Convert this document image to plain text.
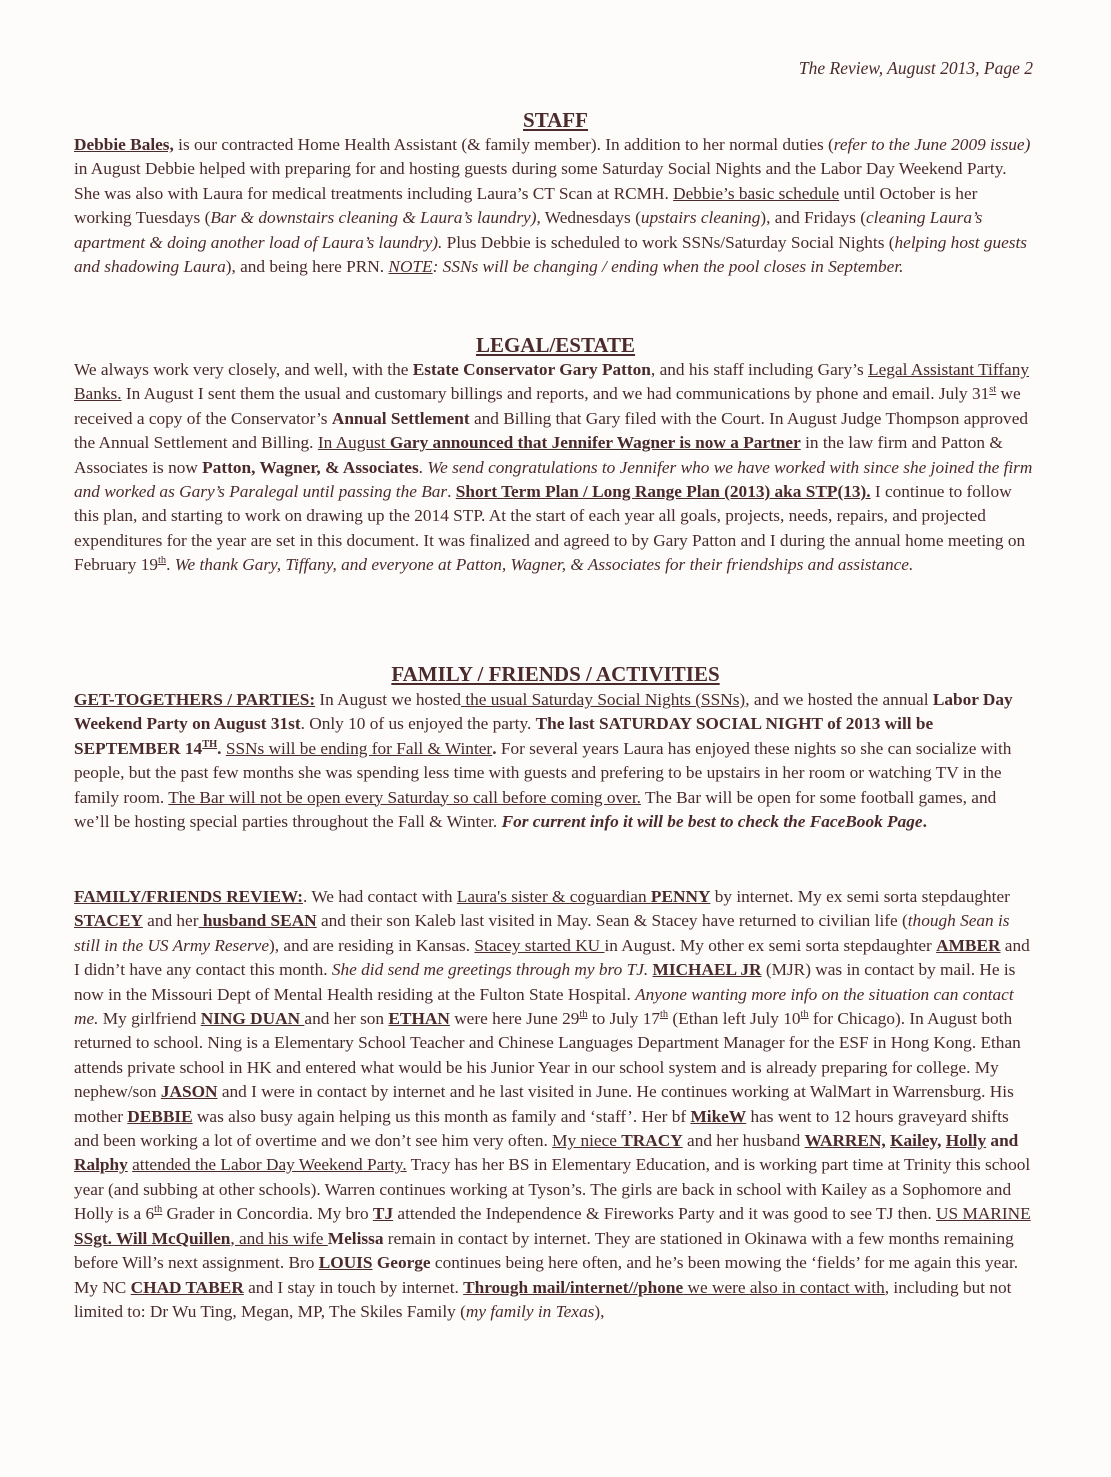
The Review, August 2013, Page 2
STAFF

Debbie Bales, is our contracted Home Health Assistant (& family member). In addition to her normal duties (refer to the June 2009 issue) in August Debbie helped with preparing for and hosting guests during some Saturday Social Nights and the Labor Day Weekend Party. She was also with Laura for medical treatments including Laura’s CT Scan at RCMH. Debbie’s basic schedule until October is her working Tuesdays (Bar & downstairs cleaning & Laura’s laundry), Wednesdays (upstairs cleaning), and Fridays (cleaning Laura’s apartment & doing another load of Laura’s laundry). Plus Debbie is scheduled to work SSNs/Saturday Social Nights (helping host guests and shadowing Laura), and being here PRN. NOTE: SSNs will be changing / ending when the pool closes in September.

LEGAL/ESTATE

We always work very closely, and well, with the Estate Conservator Gary Patton, and his staff including Gary’s Legal Assistant Tiffany Banks. In August I sent them the usual and customary billings and reports, and we had communications by phone and email. July 31st we received a copy of the Conservator’s Annual Settlement and Billing that Gary filed with the Court. In August Judge Thompson approved the Annual Settlement and Billing. In August Gary announced that Jennifer Wagner is now a Partner in the law firm and Patton & Associates is now Patton, Wagner, & Associates. We send congratulations to Jennifer who we have worked with since she joined the firm and worked as Gary’s Paralegal until passing the Bar. Short Term Plan / Long Range Plan (2013) aka STP(13). I continue to follow this plan, and starting to work on drawing up the 2014 STP. At the start of each year all goals, projects, needs, repairs, and projected expenditures for the year are set in this document. It was finalized and agreed to by Gary Patton and I during the annual home meeting on February 19th. We thank Gary, Tiffany, and everyone at Patton, Wagner, & Associates for their friendships and assistance.

FAMILY / FRIENDS / ACTIVITIES

GET-TOGETHERS / PARTIES: In August we hosted the usual Saturday Social Nights (SSNs), and we hosted the annual Labor Day Weekend Party on August 31st. Only 10 of us enjoyed the party. The last SATURDAY SOCIAL NIGHT of 2013 will be SEPTEMBER 14TH. SSNs will be ending for Fall & Winter. For several years Laura has enjoyed these nights so she can socialize with people, but the past few months she was spending less time with guests and prefering to be upstairs in her room or watching TV in the family room. The Bar will not be open every Saturday so call before coming over. The Bar will be open for some football games, and we’ll be hosting special parties throughout the Fall & Winter. For current info it will be best to check the FaceBook Page.

FAMILY/FRIENDS REVIEW:. We had contact with Laura's sister & coguardian PENNY by internet. My ex semi sorta stepdaughter STACEY and her husband SEAN and their son Kaleb last visited in May. Sean & Stacey have returned to civilian life (though Sean is still in the US Army Reserve), and are residing in Kansas. Stacey started KU in August. My other ex semi sorta stepdaughter AMBER and I didn’t have any contact this month. She did send me greetings through my bro TJ. MICHAEL JR (MJR) was in contact by mail. He is now in the Missouri Dept of Mental Health residing at the Fulton State Hospital. Anyone wanting more info on the situation can contact me. My girlfriend NING DUAN and her son ETHAN were here June 29th to July 17th (Ethan left July 10th for Chicago). In August both returned to school. Ning is a Elementary School Teacher and Chinese Languages Department Manager for the ESF in Hong Kong. Ethan attends private school in HK and entered what would be his Junior Year in our school system and is already preparing for college. My nephew/son JASON and I were in contact by internet and he last visited in June. He continues working at WalMart in Warrensburg. His mother DEBBIE was also busy again helping us this month as family and ‘staff’. Her bf MikeW has went to 12 hours graveyard shifts and been working a lot of overtime and we don’t see him very often. My niece TRACY and her husband WARREN, Kailey, Holly and Ralphy attended the Labor Day Weekend Party. Tracy has her BS in Elementary Education, and is working part time at Trinity this school year (and subbing at other schools). Warren continues working at Tyson’s. The girls are back in school with Kailey as a Sophomore and Holly is a 6th Grader in Concordia. My bro TJ attended the Independence & Fireworks Party and it was good to see TJ then. US MARINE SSgt. Will McQuillen, and his wife Melissa remain in contact by internet. They are stationed in Okinawa with a few months remaining before Will’s next assignment. Bro LOUIS George continues being here often, and he’s been mowing the ‘fields’ for me again this year. My NC CHAD TABER and I stay in touch by internet. Through mail/internet//phone we were also in contact with, including but not limited to: Dr Wu Ting, Megan, MP, The Skiles Family (my family in Texas),
